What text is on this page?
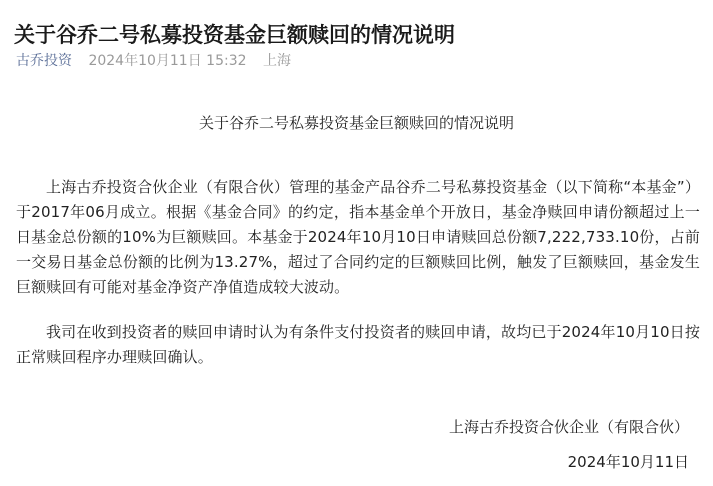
关于谷乔二号私募投资基金巨额赎回的情况说明
古乔投资 2024年10月11日 15:32 上海
关于谷乔二号私募投资基金巨额赎回的情况说明

上海古乔投资合伙企业（有限合伙）管理的基金产品谷乔二号私募投资基金（以下简称“本基金”）于2017年06月成立。根据《基金合同》的约定，指本基金单个开放日，基金净赎回申请份额超过上一日基金总份额的10%为巨额赎回。本基金于2024年10月10日申请赎回总份额7,222,733.10份，占前一交易日基金总份额的比例为13.27%，超过了合同约定的巨额赎回比例，触发了巨额赎回，基金发生巨额赎回有可能对基金净资产净值造成较大波动。

我司在收到投资者的赎回申请时认为有条件支付投资者的赎回申请，故均已于2024年10月10日按正常赎回程序办理赎回确认。

上海古乔投资合伙企业（有限合伙）
2024年10月11日
